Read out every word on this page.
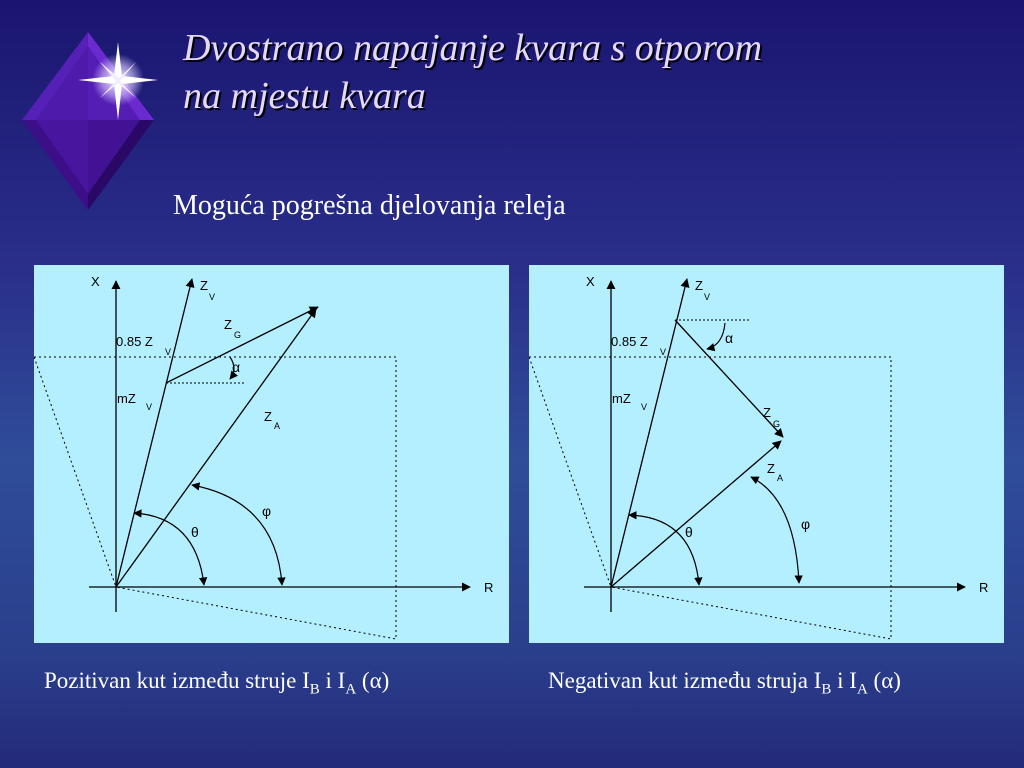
Dvostrano napajanje kvara s otporom
na mjestu kvara
Moguća pogrešna djelovanja releja
X
R
Z
V
0.85 Z
V
mZ
V
Z
G
Z
A
α
φ
θ
X
R
Z
V
0.85 Z
V
mZ
V	Z
G
Z
A
α
φ
θ
Pozitivan kut između struje $I_B$ i $I_A$ (α)	Negativan kut između struja $I_B$ i $I_A$ (α)
